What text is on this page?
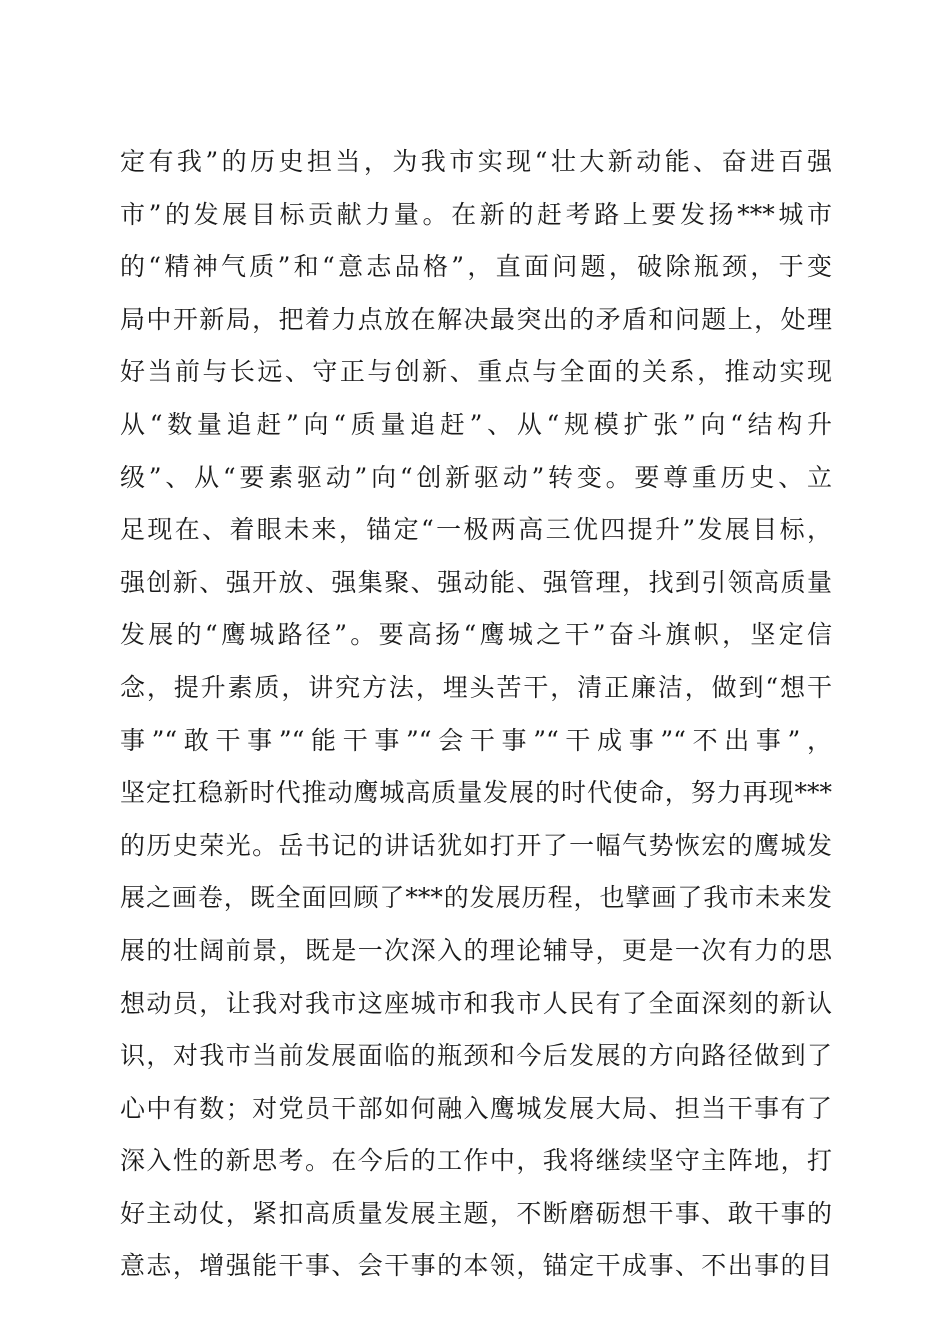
定有我”的历史担当，为我市实现“壮大新动能、奋进百强
市”的发展目标贡献力量。在新的赶考路上要发扬***城市
的“精神气质”和“意志品格”，直面问题，破除瓶颈，于变
局中开新局，把着力点放在解决最突出的矛盾和问题上，处理
好当前与长远、守正与创新、重点与全面的关系，推动实现
从“数量追赶”向“质量追赶”、从“规模扩张”向“结构升
级”、从“要素驱动”向“创新驱动”转变。要尊重历史、立
足现在、着眼未来，锚定“一极两高三优四提升”发展目标，
强创新、强开放、强集聚、强动能、强管理，找到引领高质量
发展的“鹰城路径”。要高扬“鹰城之干”奋斗旗帜，坚定信
念，提升素质，讲究方法，埋头苦干，清正廉洁，做到“想干
事”“敢干事”“能干事”“会干事”“干成事”“不出事”，
坚定扛稳新时代推动鹰城高质量发展的时代使命，努力再现***
的历史荣光。岳书记的讲话犹如打开了一幅气势恢宏的鹰城发
展之画卷，既全面回顾了***的发展历程，也擘画了我市未来发
展的壮阔前景，既是一次深入的理论辅导，更是一次有力的思
想动员，让我对我市这座城市和我市人民有了全面深刻的新认
识，对我市当前发展面临的瓶颈和今后发展的方向路径做到了
心中有数；对党员干部如何融入鹰城发展大局、担当干事有了
深入性的新思考。在今后的工作中，我将继续坚守主阵地，打
好主动仗，紧扣高质量发展主题，不断磨砺想干事、敢干事的
意志，增强能干事、会干事的本领，锚定干成事、不出事的目
